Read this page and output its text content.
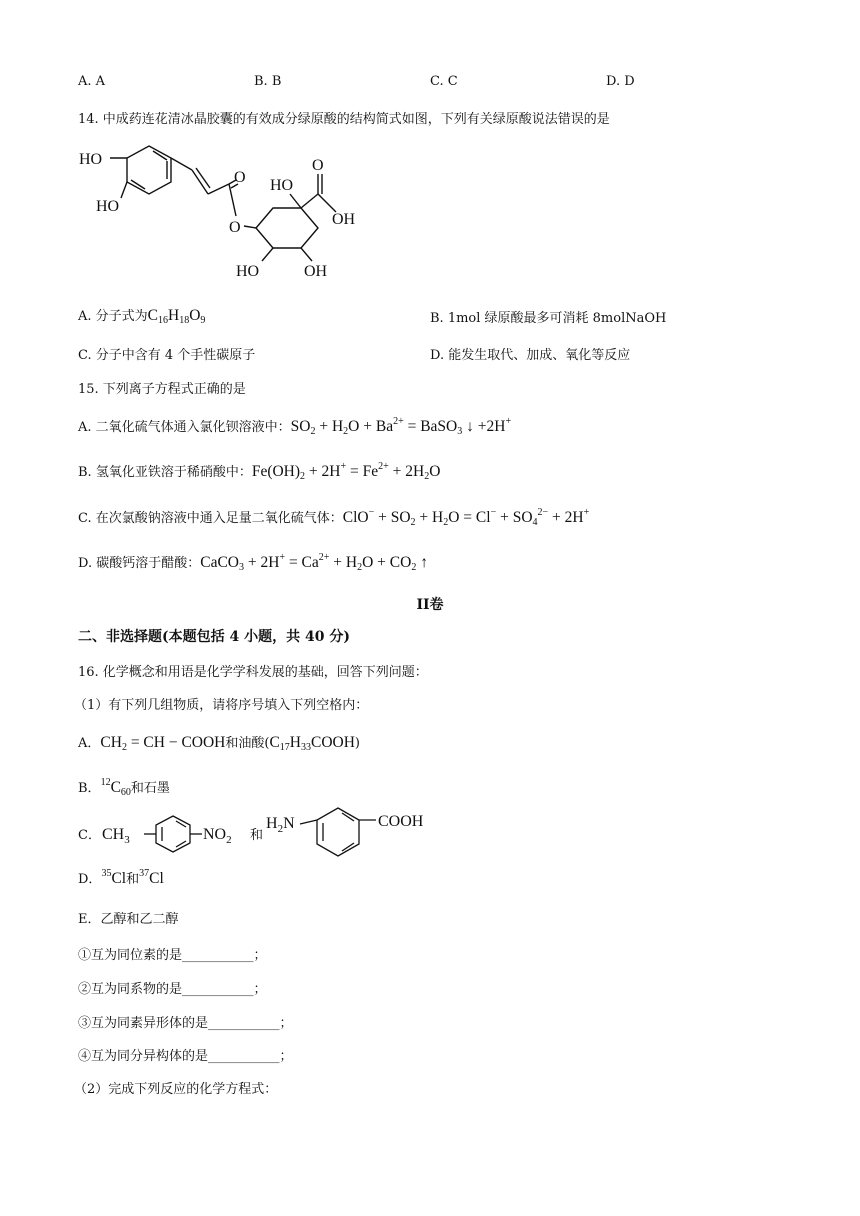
A. A	B. B	C. C	D. D
14. 中成药连花清冰晶胶囊的有效成分绿原酸的结构简式如图，下列有关绿原酸说法错误的是
HO
HO
O
O
HO
O
OH
HO	OH
A. 分子式为$C_{16}H_{18}O_9$	B. 1mol 绿原酸最多可消耗 8molNaOH
C. 分子中含有 4 个手性碳原子	D. 能发生取代、加成、氧化等反应
15. 下列离子方程式正确的是
A. 二氧化硫气体通入氯化钡溶液中：$SO_2 + H_2O + Ba^{2+}$ = BaSO$_3$ ↓ +2H+
B. 氢氧化亚铁溶于稀硝酸中：$Fe(OH)_2 + 2H^+ = Fe^{2+} + 2H_2O$
C. 在次氯酸钠溶液中通入足量二氧化硫气体：$ClO^- + SO_2 + H_2O = Cl^- + SO_4^{2-} + 2H^+$
D. 碳酸钙溶于醋酸：CaCO$_3$ + $2H^+ = Ca^{2+} + H_2O + CO_2$ ↑
II卷
二、非选择题(本题包括 4 小题，共 40 分)
16. 化学概念和用语是化学学科发展的基础，回答下列问题：
（1）有下列几组物质，请将序号填入下列空格内：
A．$CH_2$ = CH − COOH和油酸$(C_{17}H_{33}COOH)$
B．$^{12}C_{60}$和石墨
C． $CH_3$	$NO_2$ 和
$H_2N$	COOH
D．$^{35}$Cl和$^{37}$Cl
E．乙醇和乙二醇
①互为同位素的是___________；
②互为同系物的是___________；
③互为同素异形体的是___________；
④互为同分异构体的是___________；
（2）完成下列反应的化学方程式：
